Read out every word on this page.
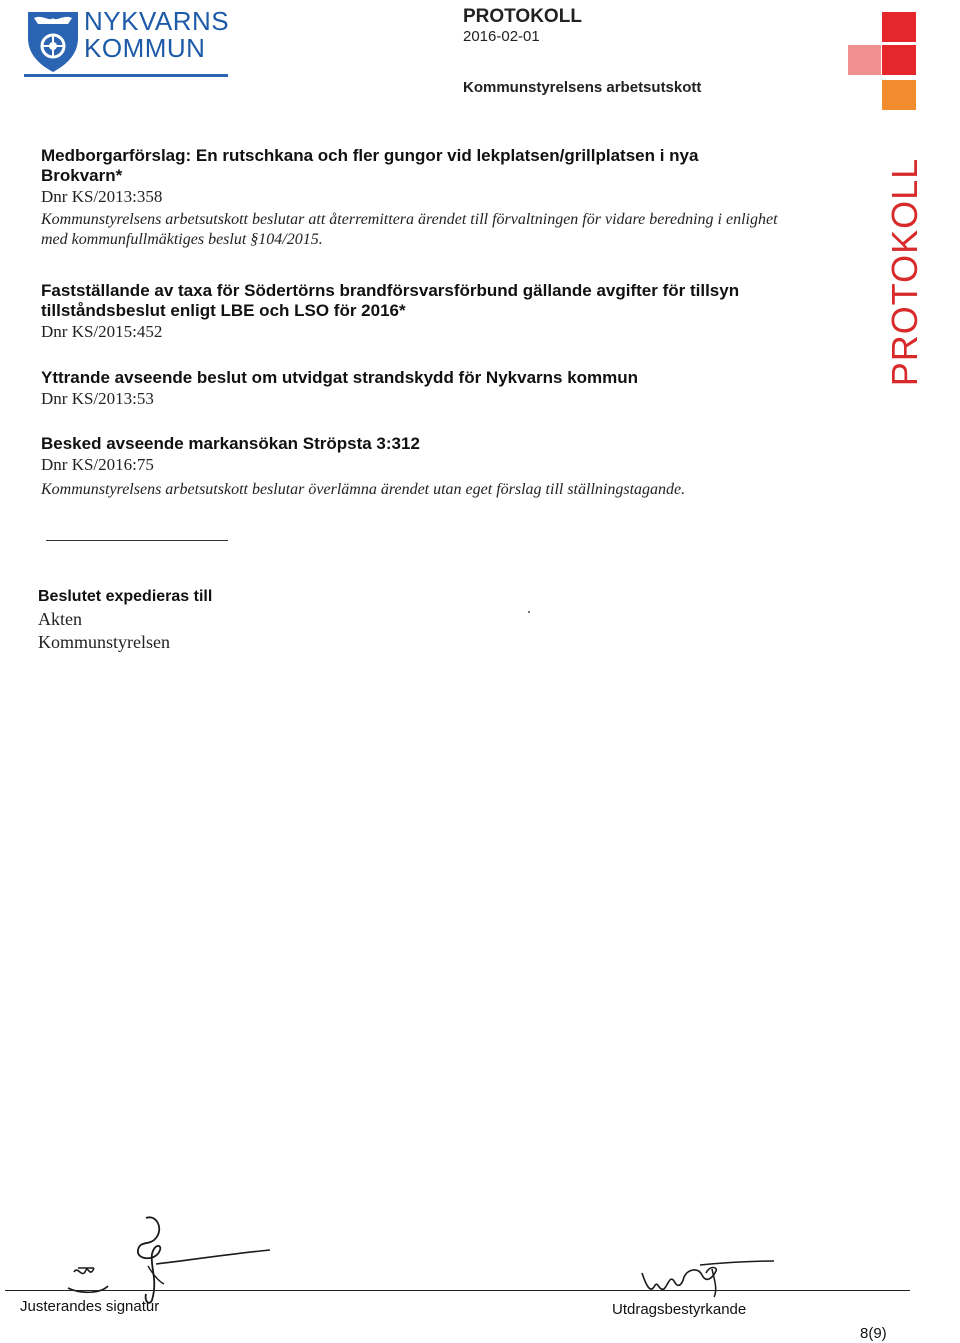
NYKVARNS
KOMMUN
PROTOKOLL
2016-02-01
Kommunstyrelsens arbetsutskott
PROTOKOLL
Medborgarförslag: En rutschkana och fler gungor vid lekplatsen/grillplatsen i nya Brokvarn*
Dnr KS/2013:358
Kommunstyrelsens arbetsutskott beslutar att återremittera ärendet till förvaltningen för vidare beredning i enlighet med kommunfullmäktiges beslut §104/2015.
Fastställande av taxa för Södertörns brandförsvarsförbund gällande avgifter för tillsyn tillståndsbeslut enligt LBE och LSO för 2016*
Dnr KS/2015:452
Yttrande avseende beslut om utvidgat strandskydd för Nykvarns kommun
Dnr KS/2013:53
Besked avseende markansökan Ströpsta 3:312
Dnr KS/2016:75
Kommunstyrelsens arbetsutskott beslutar överlämna ärendet utan eget förslag till ställningstagande.
Beslutet expedieras till
Akten
Kommunstyrelsen
Justerandes signatur	Utdragsbestyrkande
8(9)
